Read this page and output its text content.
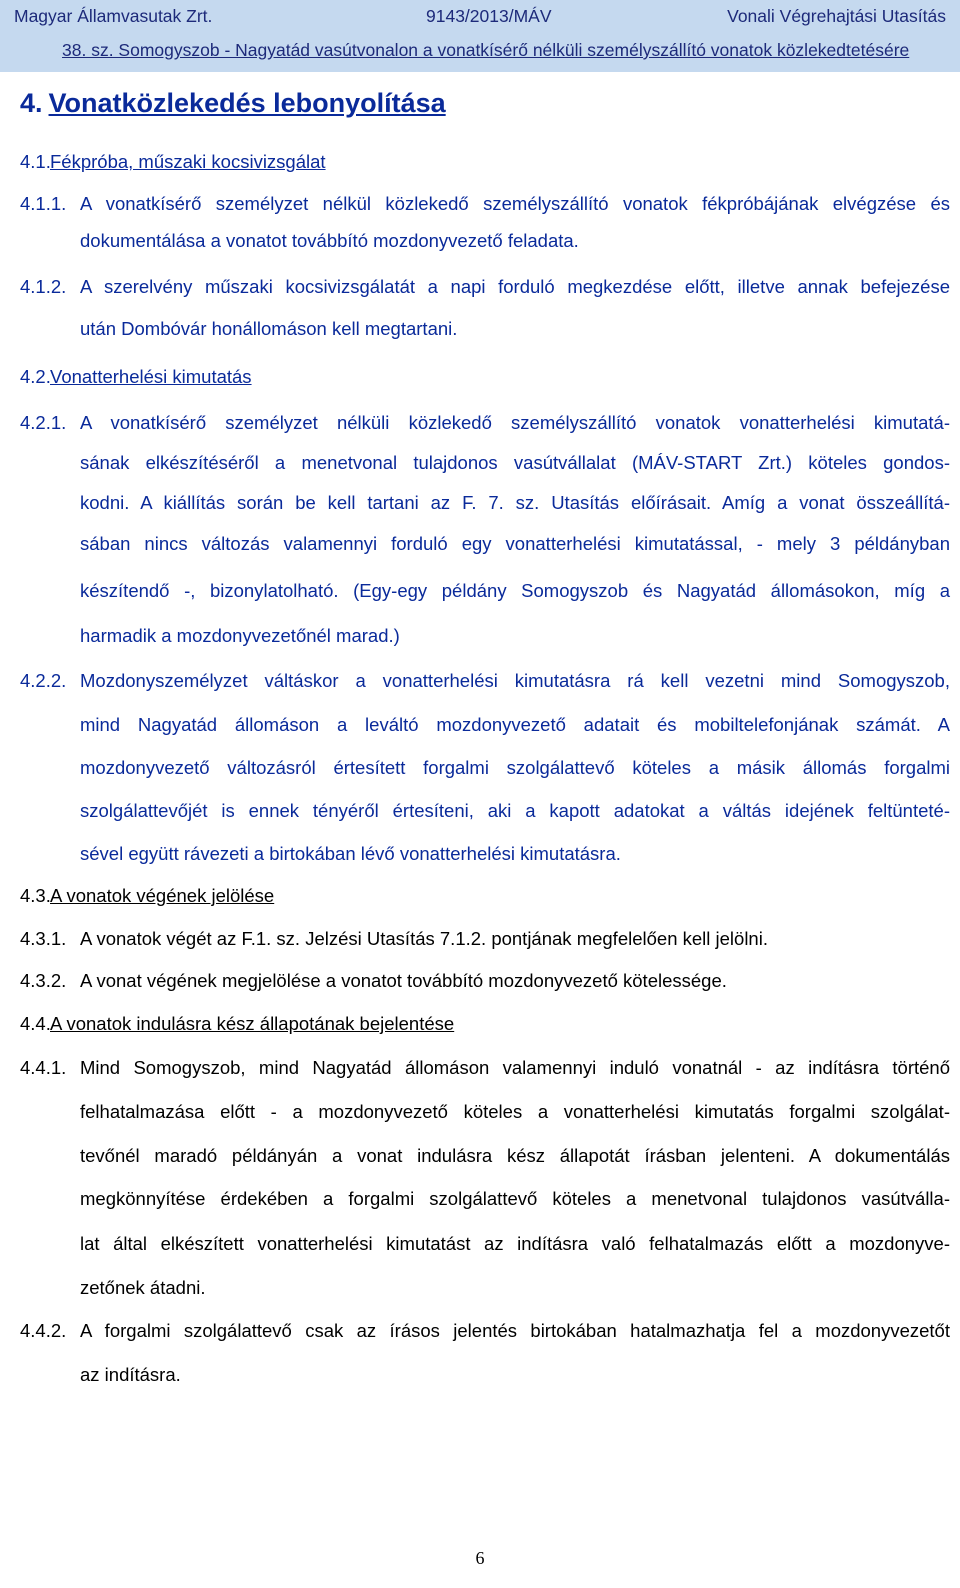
Magyar Államvasutak Zrt.	9143/2013/MÁV	Vonali Végrehajtási Utasítás
38. sz. Somogyszob - Nagyatád vasútvonalon a vonatkísérő nélküli személyszállító vonatok közlekedtetésére
4. Vonatközlekedés lebonyolítása
4.1.Fékpróba, műszaki kocsivizsgálat
4.1.1. A vonatkísérő személyzet nélkül közlekedő személyszállító vonatok fékpróbájának elvégzése és
dokumentálása a vonatot továbbító mozdonyvezető feladata.
4.1.2. A szerelvény műszaki kocsivizsgálatát a napi forduló megkezdése előtt, illetve annak befejezése
után Dombóvár honállomáson kell megtartani.
4.2.Vonatterhelési kimutatás
4.2.1. A vonatkísérő személyzet nélküli közlekedő személyszállító vonatok vonatterhelési kimutatá-
sának elkészítéséről a menetvonal tulajdonos vasútvállalat (MÁV-START Zrt.) köteles gondos-
kodni. A kiállítás során be kell tartani az F. 7. sz. Utasítás előírásait. Amíg a vonat összeállítá-
sában nincs változás valamennyi forduló egy vonatterhelési kimutatással, - mely 3 példányban
készítendő -, bizonylatolható. (Egy-egy példány Somogyszob és Nagyatád állomásokon, míg a
harmadik a mozdonyvezetőnél marad.)
4.2.2. Mozdonyszemélyzet váltáskor a vonatterhelési kimutatásra rá kell vezetni mind Somogyszob,
mind Nagyatád állomáson a leváltó mozdonyvezető adatait és mobiltelefonjának számát. A
mozdonyvezető változásról értesített forgalmi szolgálattevő köteles a másik állomás forgalmi
szolgálattevőjét is ennek tényéről értesíteni, aki a kapott adatokat a váltás idejének feltünteté-
sével együtt rávezeti a birtokában lévő vonatterhelési kimutatásra.
4.3.A vonatok végének jelölése
4.3.1. A vonatok végét az F.1. sz. Jelzési Utasítás 7.1.2. pontjának megfelelően kell jelölni.
4.3.2. A vonat végének megjelölése a vonatot továbbító mozdonyvezető kötelessége.
4.4.A vonatok indulásra kész állapotának bejelentése
4.4.1. Mind Somogyszob, mind Nagyatád állomáson valamennyi induló vonatnál - az indításra történő
felhatalmazása előtt - a mozdonyvezető köteles a vonatterhelési kimutatás forgalmi szolgálat-
tevőnél maradó példányán a vonat indulásra kész állapotát írásban jelenteni. A dokumentálás
megkönnyítése érdekében a forgalmi szolgálattevő köteles a menetvonal tulajdonos vasútválla-
lat által elkészített vonatterhelési kimutatást az indításra való felhatalmazás előtt a mozdonyve-
zetőnek átadni.
4.4.2. A forgalmi szolgálattevő csak az írásos jelentés birtokában hatalmazhatja fel a mozdonyvezetőt
az indításra.
6
